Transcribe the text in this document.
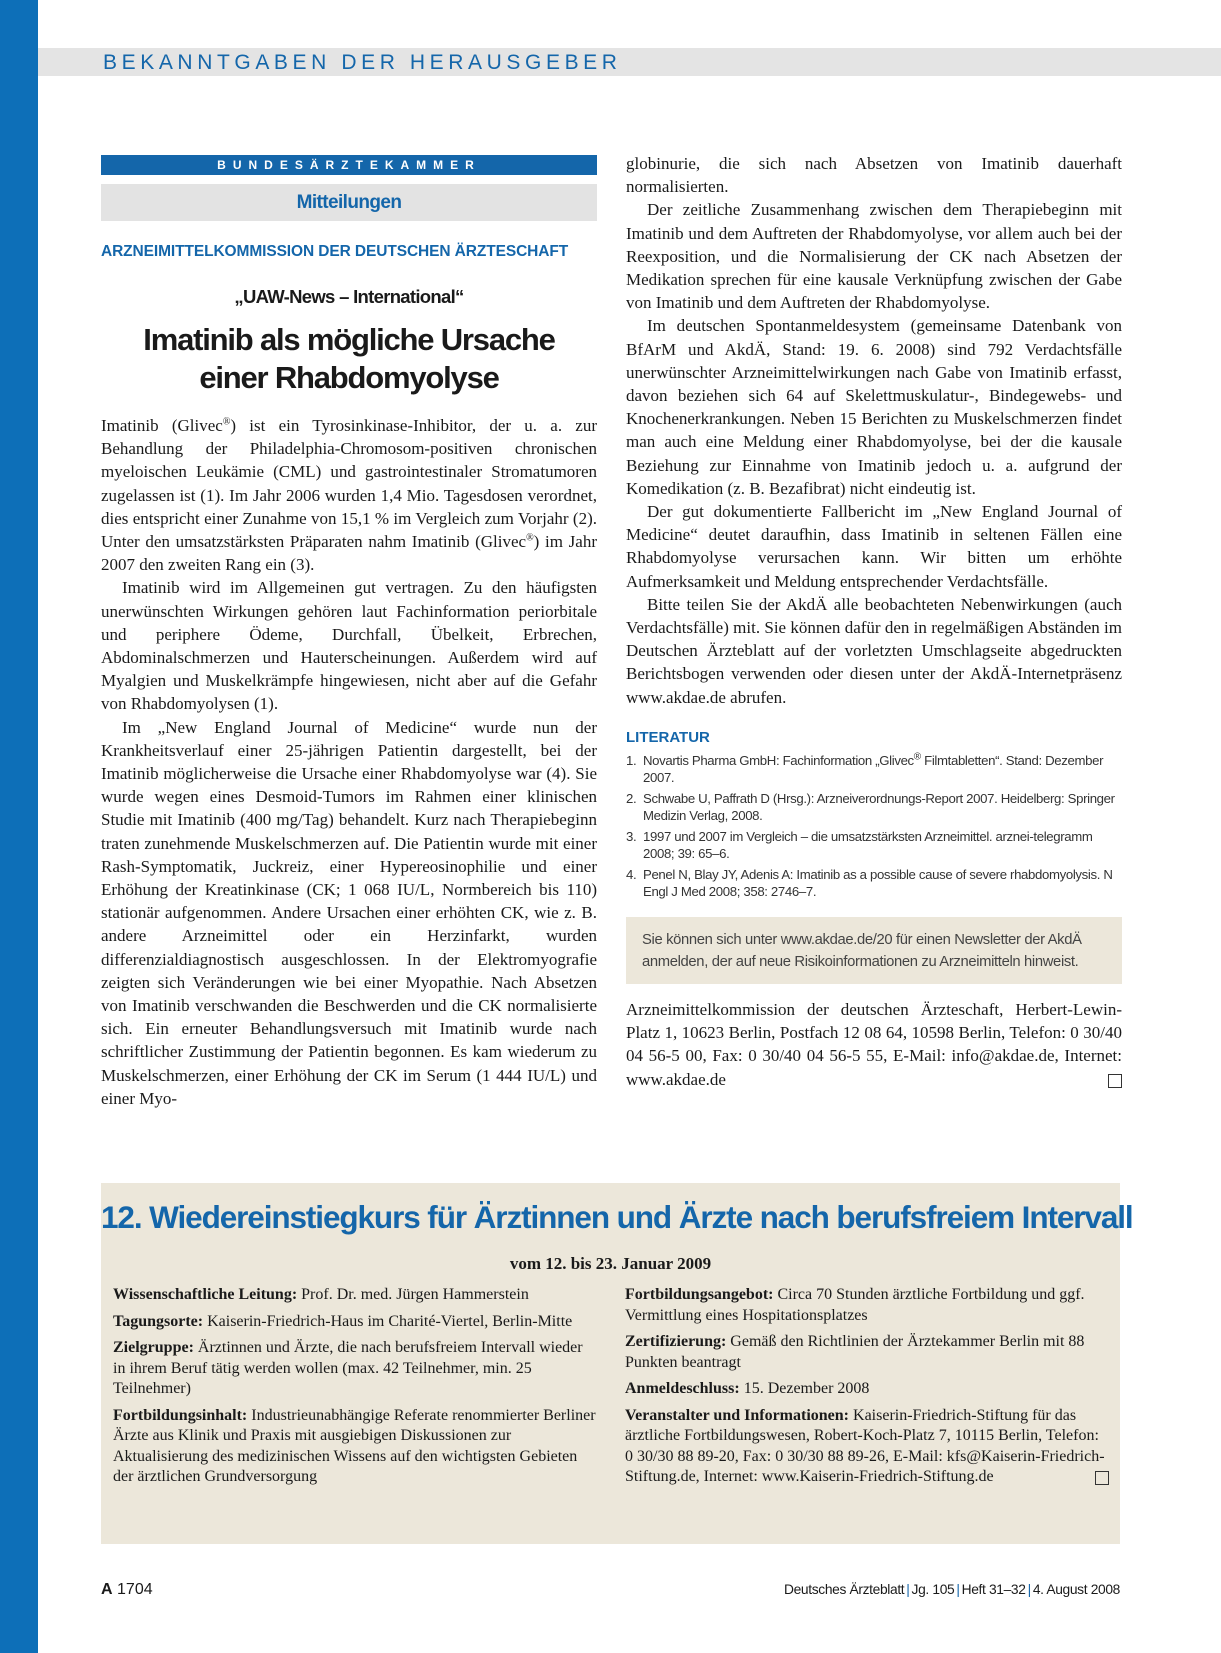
BEKANNTGABEN DER HERAUSGEBER
BUNDESÄRZTEKAMMER
Mitteilungen
ARZNEIMITTELKOMMISSION DER DEUTSCHEN ÄRZTESCHAFT
„UAW-News – International“
Imatinib als mögliche Ursache
einer Rhabdomyolyse

Imatinib (Glivec®) ist ein Tyrosinkinase-Inhibitor, der u. a. zur Behandlung der Philadelphia-Chromosom-positiven chronischen myeloischen Leukämie (CML) und gastrointestinaler Stromatumoren zugelassen ist (1). Im Jahr 2006 wurden 1,4 Mio. Tagesdosen verordnet, dies entspricht einer Zunahme von 15,1 % im Vergleich zum Vorjahr (2). Unter den umsatzstärksten Präparaten nahm Imatinib (Glivec®) im Jahr 2007 den zweiten Rang ein (3).

Imatinib wird im Allgemeinen gut vertragen. Zu den häufigsten unerwünschten Wirkungen gehören laut Fachinformation periorbitale und periphere Ödeme, Durchfall, Übelkeit, Erbrechen, Abdominalschmerzen und Hauterscheinungen. Außerdem wird auf Myalgien und Muskelkrämpfe hingewiesen, nicht aber auf die Gefahr von Rhabdomyolysen (1).

Im „New England Journal of Medicine“ wurde nun der Krankheitsverlauf einer 25-jährigen Patientin dargestellt, bei der Imatinib möglicherweise die Ursache einer Rhabdomyolyse war (4). Sie wurde wegen eines Desmoid-Tumors im Rahmen einer klinischen Studie mit Imatinib (400 mg/Tag) behandelt. Kurz nach Therapiebeginn traten zunehmende Muskelschmerzen auf. Die Patientin wurde mit einer Rash-Symptomatik, Juckreiz, einer Hypereosinophilie und einer Erhöhung der Kreatinkinase (CK; 1 068 IU/L, Normbereich bis 110) stationär aufgenommen. Andere Ursachen einer erhöhten CK, wie z. B. andere Arzneimittel oder ein Herzinfarkt, wurden differenzialdiagnostisch ausgeschlossen. In der Elektromyografie zeigten sich Veränderungen wie bei einer Myopathie. Nach Absetzen von Imatinib verschwanden die Beschwerden und die CK normalisierte sich. Ein erneuter Behandlungsversuch mit Imatinib wurde nach schriftlicher Zustimmung der Patientin begonnen. Es kam wiederum zu Muskelschmerzen, einer Erhöhung der CK im Serum (1 444 IU/L) und einer Myo-

globinurie, die sich nach Absetzen von Imatinib dauerhaft normalisierten.

Der zeitliche Zusammenhang zwischen dem Therapiebeginn mit Imatinib und dem Auftreten der Rhabdomyolyse, vor allem auch bei der Reexposition, und die Normalisierung der CK nach Absetzen der Medikation sprechen für eine kausale Verknüpfung zwischen der Gabe von Imatinib und dem Auftreten der Rhabdomyolyse.

Im deutschen Spontanmeldesystem (gemeinsame Datenbank von BfArM und AkdÄ, Stand: 19. 6. 2008) sind 792 Verdachtsfälle unerwünschter Arzneimittelwirkungen nach Gabe von Imatinib erfasst, davon beziehen sich 64 auf Skelettmuskulatur-, Bindegewebs- und Knochenerkrankungen. Neben 15 Berichten zu Muskelschmerzen findet man auch eine Meldung einer Rhabdomyolyse, bei der die kausale Beziehung zur Einnahme von Imatinib jedoch u. a. aufgrund der Komedikation (z. B. Bezafibrat) nicht eindeutig ist.

Der gut dokumentierte Fallbericht im „New England Journal of Medicine“ deutet daraufhin, dass Imatinib in seltenen Fällen eine Rhabdomyolyse verursachen kann. Wir bitten um erhöhte Aufmerksamkeit und Meldung entsprechender Verdachtsfälle.

Bitte teilen Sie der AkdÄ alle beobachteten Nebenwirkungen (auch Verdachtsfälle) mit. Sie können dafür den in regelmäßigen Abständen im Deutschen Ärzteblatt auf der vorletzten Umschlagseite abgedruckten Berichtsbogen verwenden oder diesen unter der AkdÄ-Internetpräsenz www.akdae.de abrufen.

LITERATUR
1. Novartis Pharma GmbH: Fachinformation „Glivec® Filmtabletten“. Stand: Dezember 2007.
2. Schwabe U, Paffrath D (Hrsg.): Arzneiverordnungs-Report 2007. Heidelberg: Springer Medizin Verlag, 2008.
3. 1997 und 2007 im Vergleich – die umsatzstärksten Arzneimittel. arznei-telegramm 2008; 39: 65–6.
4. Penel N, Blay JY, Adenis A: Imatinib as a possible cause of severe rhabdomyolysis. N Engl J Med 2008; 358: 2746–7.
Sie können sich unter www.akdae.de/20 für einen Newsletter der AkdÄ anmelden, der auf neue Risikoinformationen zu Arzneimitteln hinweist.
Arzneimittelkommission der deutschen Ärzteschaft, Herbert-Lewin-Platz 1, 10623 Berlin, Postfach 12 08 64, 10598 Berlin, Telefon: 0 30/40 04 56-5 00, Fax: 0 30/40 04 56-5 55, E-Mail: info@akdae.de, Internet: www.akdae.de
12. Wiedereinstiegkurs für Ärztinnen und Ärzte nach berufsfreiem Intervall
vom 12. bis 23. Januar 2009

Wissenschaftliche Leitung: Prof. Dr. med. Jürgen Hammerstein

Tagungsorte: Kaiserin-Friedrich-Haus im Charité-Viertel, Berlin-Mitte

Zielgruppe: Ärztinnen und Ärzte, die nach berufsfreiem Intervall wieder in ihrem Beruf tätig werden wollen (max. 42 Teilnehmer, min. 25 Teilnehmer)

Fortbildungsinhalt: Industrieunabhängige Referate renommierter Berliner Ärzte aus Klinik und Praxis mit ausgiebigen Diskussionen zur Aktualisierung des medizinischen Wissens auf den wichtigsten Gebieten der ärztlichen Grundversorgung

Fortbildungsangebot: Circa 70 Stunden ärztliche Fortbildung und ggf. Vermittlung eines Hospitationsplatzes

Zertifizierung: Gemäß den Richtlinien der Ärztekammer Berlin mit 88 Punkten beantragt

Anmeldeschluss: 15. Dezember 2008

Veranstalter und Informationen: Kaiserin-Friedrich-Stiftung für das ärztliche Fortbildungswesen, Robert-Koch-Platz 7, 10115 Berlin, Telefon: 0 30/30 88 89-20, Fax: 0 30/30 88 89-26, E-Mail: kfs@Kaiserin-Friedrich-Stiftung.de, Internet: www.Kaiserin-Friedrich-Stiftung.de

A 1704	Deutsches Ärzteblatt | Jg. 105 | Heft 31–32 | 4. August 2008
